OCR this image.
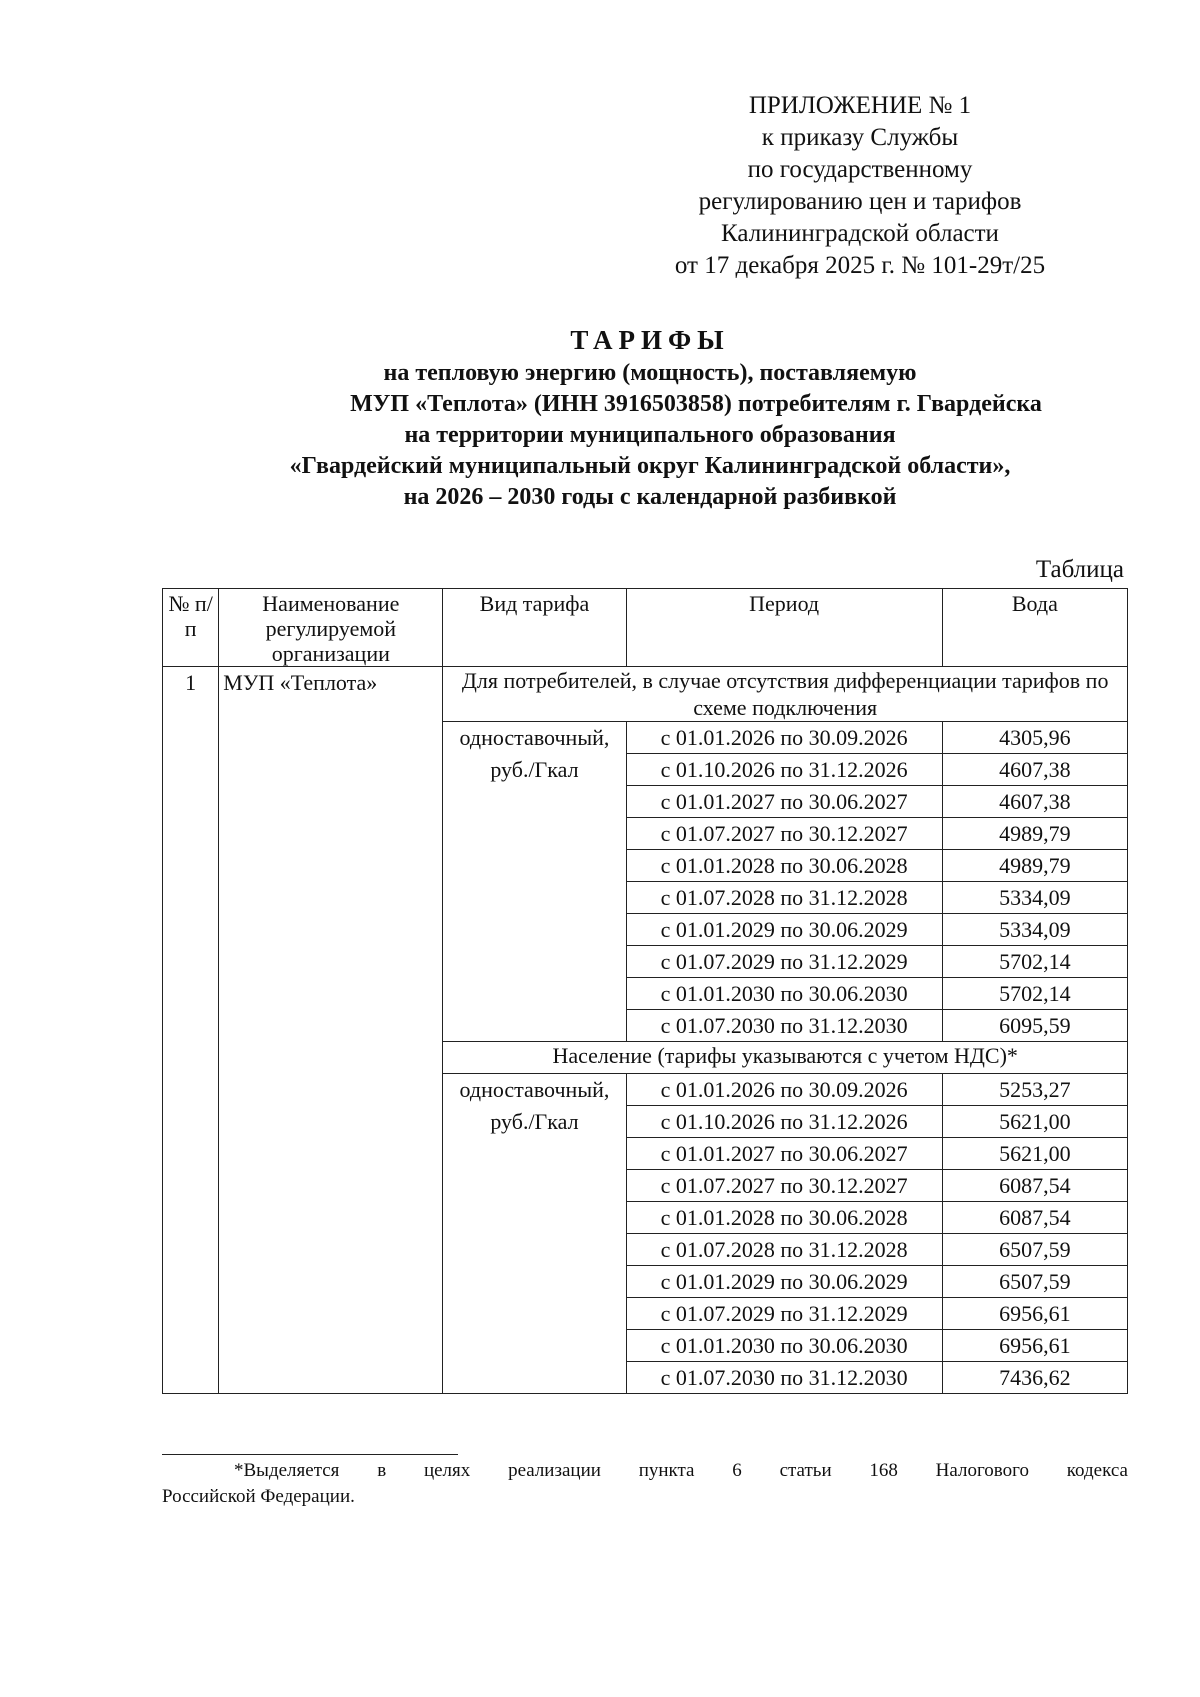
ПРИЛОЖЕНИЕ № 1
к приказу Службы
по государственному
регулированию цен и тарифов
Калининградской области
от 17 декабря 2025 г. № 101-29т/25
ТАРИФЫ
на тепловую энергию (мощность), поставляемую
МУП «Теплота» (ИНН 3916503858) потребителям г. Гвардейска
на территории муниципального образования
«Гвардейский муниципальный округ Калининградской области»,
на 2026 – 2030 годы с календарной разбивкой
Таблица
№ п/п	Наименование регулируемой организации	Вид тарифа	Период	Вода
1	МУП «Теплота»	Для потребителей, в случае отсутствия дифференциации тарифов по схеме подключения		
		одноставочный, руб./Гкал	с 01.01.2026 по 30.09.2026	4305,96
			с 01.10.2026 по 31.12.2026	4607,38
			с 01.01.2027 по 30.06.2027	4607,38
			с 01.07.2027 по 30.12.2027	4989,79
			с 01.01.2028 по 30.06.2028	4989,79
			с 01.07.2028 по 31.12.2028	5334,09
			с 01.01.2029 по 30.06.2029	5334,09
			с 01.07.2029 по 31.12.2029	5702,14
			с 01.01.2030 по 30.06.2030	5702,14
			с 01.07.2030 по 31.12.2030	6095,59
		Население (тарифы указываются с учетом НДС)*		
		одноставочный, руб./Гкал	с 01.01.2026 по 30.09.2026	5253,27
			с 01.10.2026 по 31.12.2026	5621,00
			с 01.01.2027 по 30.06.2027	5621,00
			с 01.07.2027 по 30.12.2027	6087,54
			с 01.01.2028 по 30.06.2028	6087,54
			с 01.07.2028 по 31.12.2028	6507,59
			с 01.01.2029 по 30.06.2029	6507,59
			с 01.07.2029 по 31.12.2029	6956,61
			с 01.01.2030 по 30.06.2030	6956,61
			с 01.07.2030 по 31.12.2030	7436,62
*Выделяется в целях реализации пункта 6 статьи 168 Налогового кодекса
Российской Федерации.
